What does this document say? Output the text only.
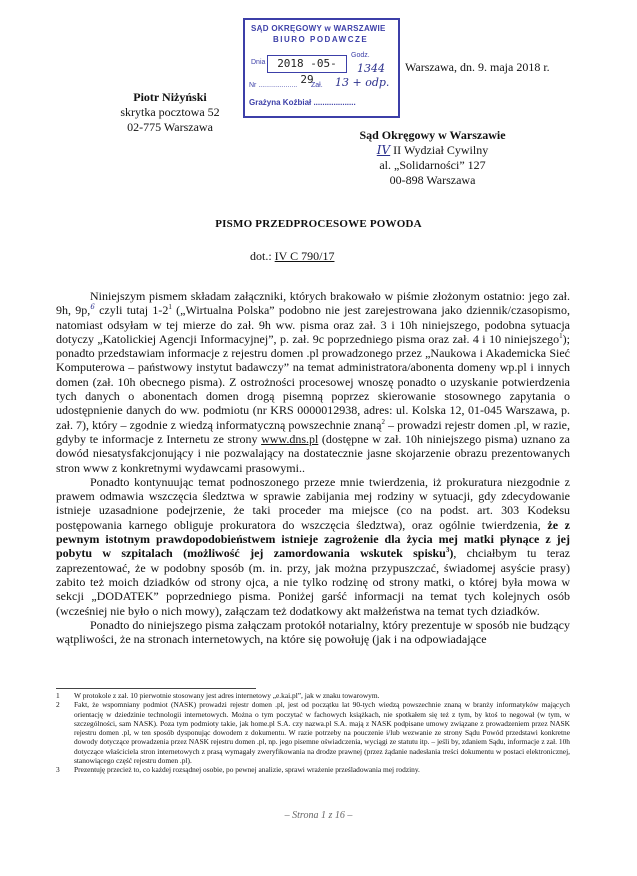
SĄD OKRĘGOWY w WARSZAWIE
BIURO PODAWCZE
Dnia	2018 -05- 29
Godz.
1344
Nr .................... Zał. 13 + odp.
Grażyna Koźbiał ...................
Piotr Niżyński
skrytka pocztowa 52
02-775 Warszawa
Warszawa, dn. 9. maja 2018 r.
Sąd Okręgowy w Warszawie
IV II Wydział Cywilny
al. „Solidarności” 127
00-898 Warszawa
PISMO PRZEDPROCESOWE POWODA
dot.: IV C 790/17

Niniejszym pismem składam załączniki, których brakowało w piśmie złożonym ostatnio: jego zał. 9h, 9p,$^6$ czyli tutaj $1-2^1$ („Wirtualna Polska” podobno nie jest zarejestrowana jako dziennik/czasopismo, natomiast odsyłam w tej mierze do zał. 9h ww. pisma oraz zał. 3 i 10h niniejszego, podobna sytuacja dotyczy „Katolickiej Agencji Informacyjnej”, p. zał. 9c poprzedniego pisma oraz zał. 4 i 10 niniejszego$^1$); ponadto przedstawiam informacje z rejestru domen .pl prowadzonego przez „Naukowa i Akademicka Sieć Komputerowa – państwowy instytut badawczy” na temat administratora/abonenta domeny wp.pl i innych domen (zał. 10h obecnego pisma). Z ostrożności procesowej wnoszę ponadto o uzyskanie potwierdzenia tych danych o abonentach domen drogą pisemną poprzez skierowanie stosownego zapytania o udostępnienie danych do ww. podmiotu (nr KRS 0000012938, adres: ul. Kolska 12, 01-045 Warszawa, p. zał. 7), który – zgodnie z wiedzą informatyczną powszechnie znaną$^2$ – prowadzi rejestr domen .pl, w razie, gdyby te informacje z Internetu ze strony www.dns.pl (dostępne w zał. 10h niniejszego pisma) uznano za dowód niesatysfakcjonujący i nie pozwalający na dostatecznie jasne skojarzenie obrazu prezentowanych stron www z konkretnymi wydawcami prasowymi..

Ponadto kontynuując temat podnoszonego przeze mnie twierdzenia, iż prokuratura niezgodnie z prawem odmawia wszczęcia śledztwa w sprawie zabijania mej rodziny w sytuacji, gdy zdecydowanie istnieje uzasadnione podejrzenie, że taki proceder ma miejsce (co na podst. art. 303 Kodeksu postępowania karnego obliguje prokuratora do wszczęcia śledztwa), oraz ogólnie twierdzenia, że z pewnym istotnym prawdopodobieństwem istnieje zagrożenie dla życia mej matki płynące z jej pobytu w szpitalach (możliwość jej zamordowania wskutek spisku$^3$), chciałbym tu teraz zaprezentować, że w podobny sposób (m. in. przy, jak można przypuszczać, świadomej asyście prasy) zabito też moich dziadków od strony ojca, a nie tylko rodzinę od strony matki, o której była mowa w sekcji „DODATEK” poprzedniego pisma. Poniżej garść informacji na temat tych kolejnych osób (wcześniej nie było o nich mowy), załączam też dodatkowy akt małżeństwa na temat tych dziadków.

Ponadto do niniejszego pisma załączam protokół notarialny, który prezentuje w sposób nie budzący wątpliwości, że na stronach internetowych, na które się powołuję (jak i na odpowiadające

1	W protokole z zał. 10 pierwotnie stosowany jest adres internetowy „e.kai.pl”, jak w znaku towarowym.
2	Fakt, że wspomniany podmiot (NASK) prowadzi rejestr domen .pl, jest od początku lat 90-tych wiedzą powszechnie znaną w branży informatyków mających orientację w dziedzinie technologii internetowych. Można o tym poczytać w fachowych książkach, nie spotkałem się też z tym, by ktoś to negował (w tym, w szczególności, sam NASK). Poza tym podmioty takie, jak home.pl S.A. czy nazwa.pl S.A. mają z NASK podpisane umowy związane z prowadzeniem przez NASK rejestru domen .pl, w ten sposób dysponując dowodem z dokumentu. W razie potrzeby na pouczenie i/lub wezwanie ze strony Sądu Powód przedstawi konkretne dowody dotyczące prowadzenia przez NASK rejestru domen .pl, np. jego pisemne oświadczenia, wyciągi ze statutu itp. – jeśli by, zdaniem Sądu, informacje z zał. 10h dotyczące właściciela stron internetowych z prasą wymagały zweryfikowania na drodze prawnej (przez żądanie nadesłania treści dokumentu w postaci elektronicznej, stanowiącego część rejestru domen .pl).
3	Prezentuję przecież to, co każdej rozsądnej osobie, po pewnej analizie, sprawi wrażenie prześladowania mej rodziny.
– Strona 1 z 16 –
